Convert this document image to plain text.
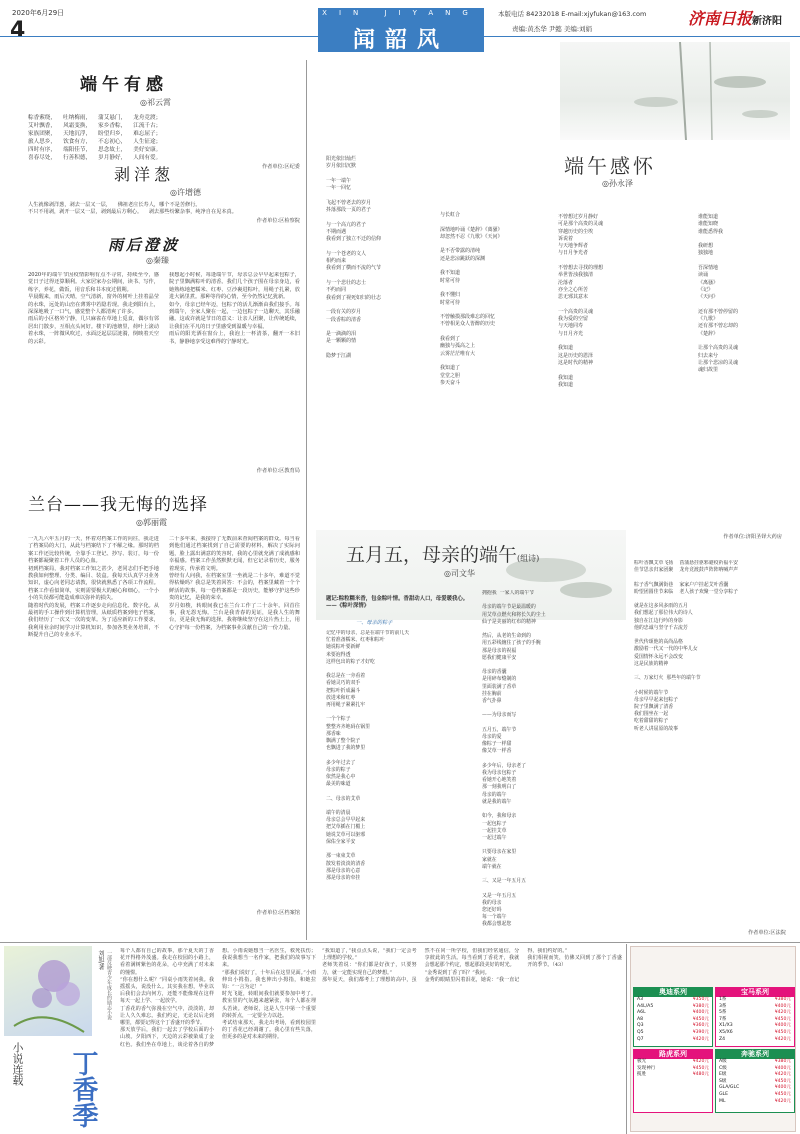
2020年6月29日
4
XIN JIYANG
闻韶风
本版电话 84232018 E-mail:xjyfukan@163.com
责编:黄杰华 尹懿 美编:刘娟
济南日报新济阳
端午有感
◎祁云霄
粽香萦绕，    吐纳梅雨，    蒲艾悬门，    龙舟竞渡；
艾叶飘香，    风霜变换，    家乡香粽，    江流千古；
家族团聚，    天地沉浮，    盼望归乡，    难忘屈子；
旅人思乡，    饮食有方，    不忘初心，    人生征途；
四时有序，    端阳佳节，    思念故土，    美好安康。
喜春尽处，    行善积德，    岁月静好，    人间有爱。
作者单位:区纪委
剥洋葱
◎许增德
人生就像剥洋葱，剥去一层又一层，    佛祖老庄长寿人，哪个不是苦修行。
不只不用剥，剥开一层又一层，剥到最后方剩心。    剥去那些纷繁杂事，纯净自在见本真。
作者单位:区检察院
雨后澄波
◎秦臻
2020年的端午节因疫情影响有点不寻常，持续至今，感觉日子过得还算顺利。大家居家办公期间，读书、写作，练字，养花，做饭，用音乐和书本度过假期。
早晨醒来，雨后天晴，空气清新，窗外的树叶上挂着晶莹的水珠，远处的山峦在薄雾中若隐若现。我走到阳台上，深深地吸了一口气，感觉整个人都清爽了许多。
雨后的小区格外宁静，几只麻雀在草地上觅食，偶尔有邻居出门散步，互相点头问好。楼下的池塘里，荷叶上滚动着水珠，一阵微风吹过，水面泛起层层涟漪，倒映着天空的云彩。
我想起小时候，每逢端午节，母亲总会早早起来包粽子，院子里飘满粽叶的清香。我们几个孩子围在母亲身边，看她熟练地把糯米、红枣、豆沙裹进粽叶，用绳子扎紧，放进大锅里煮。那种等待的心情，至今仍然记忆犹新。
如今，母亲已经年迈，包粽子的活儿渐渐由我们接手。每到端午，全家人聚在一起，一边包粽子一边聊天，其乐融融。这或许就是节日的意义：让亲人团聚，让传统延续，让我们在平凡的日子里感受到温暖与幸福。
雨后的阳光洒在窗台上，我泡上一杯清茶，翻开一本旧书，静静地享受这难得的宁静时光。
作者单位:区教育局
兰台——我无悔的选择
◎郭丽霞
一九九六年五月的一天，怀着对档案工作的向往，我走进了档案局的大门，从此与档案结下了不解之缘。那时的档案工作还比较传统，全靠手工登记、抄写、装订，每一份档案都凝聚着工作人员的心血。
初到档案局，我对档案工作知之甚少，老同志们手把手地教我如何整理、分类、编目、装盒。我每天认真学习业务知识，虚心向老同志请教，很快就熟悉了各项工作流程。档案工作看似简单，实则需要极大的耐心和细心，一个小小的失误都可能造成难以弥补的损失。
随着时代的发展，档案工作逐步走向信息化、数字化。从最初的手工操作到计算机管理，从纸质档案到电子档案，我们经历了一次又一次的变革。为了适应新的工作要求，我利用业余时间学习计算机知识，参加各类业务培训，不断提升自己的专业水平。
二十多年来，我接待了无数前来查阅档案的群众。每当看到他们通过档案找到了自己需要的材料，解决了实际问题，脸上露出满意的笑容时，我的心里就充满了成就感和幸福感。档案工作虽然默默无闻，但它记录着历史，服务着现实，传承着文明。
曾经有人问我，在档案室里一坐就是二十多年，难道不觉得枯燥吗？我总是笑着回答：不会的，档案里藏着一个个鲜活的故事，每一卷档案都是一段历史，能够守护这些珍贵的记忆，是我的荣幸。
岁月如梭，转眼间我已在兰台工作了二十余年。回首往事，我无怨无悔。兰台是我青春的见证，是我人生的舞台，更是我无悔的选择。我将继续坚守在这片热土上，用心守护每一份档案，为档案事业贡献自己的一份力量。
作者单位:区档案馆
端午感怀
◎孙永泽
阳光依旧灿烂
岁月依旧沉默

一年一端午
一年一回忆

飞起不曾老去的岁月
抖落那段一页的君子

与一个高亢的君子
不期而遇
我看到了独立不迁的信仰

与一个苍老的文人
相约而来
我看到了横而不流的气节

与一个悲壮的志士
不约而同
我看到了视死如归的壮志

一段有关的岁月
一段香粽的清香

是一滴滴的泪
是一颗颗的情

隐梦于江湖
与长虹合

深情地吟诵《楚辞》《离骚》
却忽然不忍《九歌》《天问》

是不否带露的清纯
还是悲凉跳跃的深渊

我不知道
时常可待

我不懂归
时常可待

不曾触摸那段难忘的回忆
不曾相见众人皆醉的历史

我看到了
幽独与孤高之上
云雾茫茫唯有大

我知道了
堂堂之胆
参天奋斗
不曾想过岁月静好
可是那个高贵的灵魂
穿越历史的尘埃
诉说着
与天地争辉者
与日月争光者

不曾想去寻找的理想
举世皆浊我独清
沦落者
亦全之心所苦
思无邪其意末

一个高贵的灵魂
我为爱的空留
与天地同寿
与日月齐光

我知道
这是历史的恩泽
这是时代的精神

我知道
我知道
谁能知道
谁能知晓
谁能悉得我

我研想
独独地

吾深情地
读诵
《离骚》
《记》
《天问》

还有那不曾停留的
《九歌》
还有那不曾忘却的
《楚辞》

让那个高贵的灵魂
归去来兮
让那个悲凉的灵魂
魂归故里
作者单位:济阳圣铎大药房
粽叶香飘艾草飞扬    菖蒲悬挂驱邪避疫祈福平安
佳节思亲归家团聚    龙舟竞渡鼓声阵阵呐喊声声

粽子香气飘满街巷    家家户户挂起艾叶香囊
盼望团圆佳节来临    老人孩子欢聚一堂分享粽子

就是在这多风多雨的五月
我们想起了那位伟大的诗人
独自在江边行吟的身影
他的忠诚与坚守千古流芳

世代传颂他的高尚品格
激励着一代又一代的中华儿女
爱国情怀永远不会改变
这是民族的精神

三、万家灯火  那些年的端午节

小时候的端午节
母亲早早起来包粽子
院子里飘满了清香
我们围坐在一起
吃着甜甜的粽子
听老人讲屈原的故事
五月五，母亲的端午(组诗)
◎司文华
题记:粽粒糯米香，包金粽叶情。香甜动人口，母爱暖我心。——《粽叶深情》
一、母亲的粽子
记忆中的母亲，总是在端午节的前几天
忙着准备糯米、红枣和粽叶
她说粽叶要新鲜
米要泡得透
这样包出的粽子才好吃

我总是在一旁看着
看她灵巧的双手
把粽叶折成漏斗
放进米和红枣
再用绳子紧紧扎牢

一个个粽子
整整齐齐地码在锅里
那香味
飘满了整个院子
也飘进了我的梦里

多少年过去了
母亲的粽子
依然是我心中
最美的味道

二、母亲的艾草

端午的清晨
母亲总会早早起来
把艾草插在门楣上
她说艾草可以驱邪
保佑全家平安

那一束束艾草
散发着淡淡的清香
那是母亲的心意
那是母亲的牵挂
拥抱我  一家人的端午节

母亲的端午节是最温暖的
用艾草点燃火和将长久的尘土
仙子是美丽的红布的精神

然后，从老的生命到的
用五彩线缠住了孩子的手腕
那是母亲的祝福
愿我们健康平安

母亲的香囊
是用碎布缝制的
里面装满了香草
挂在胸前
香气扑鼻

——为母亲而写

五月五，端午节
母亲的爱
像粽子一样甜
像艾草一样香

多少年后，母亲老了
我为母亲包粽子
看她开心地笑着
那一刻我明白了
母亲的端午
就是我的端午

如今，我和母亲
一起包粽子
一起挂艾草
一起过端午

只要母亲在家里
家就在
端午就在

三、又是一年五月五

又是一年五月五
我的母亲
您还好吗
每一个端午
我都会想起您
作者单位:区法院
小说连载
刘旭/著 一部反映青少年成长的励志小说
丁香季
每个人都有自己的故事，那个夏天的丁香花开得格外茂盛。我走在校园的小路上，看着满树紫色的花朵，心中充满了对未来的憧憬。
“你在想什么呢？”同桌小雨笑着问我。我摇摇头，说没什么。其实我在想，毕业以后我们会去向何方，还能不能像现在这样每天一起上学、一起放学。
丁香花的香气弥漫在空气中，淡淡的，却让人久久难忘。我们约定，无论以后走到哪里，都要记得这个丁香盛开的季节。
那天放学后，我们一起去了学校后面的小山坡。夕阳西下，天边的云彩被染成了金红色。我们坐在草地上，谈论着各自的梦想。小雨说她想当一名医生，救死扶伤；我说我想当一名作家，把我们的故事写下来。
“那我们说好了，十年后在这里见面。”小雨伸出小拇指。我也伸出小拇指，和她拉钩：“一言为定！”
时光飞逝，转眼间我们就要参加中考了。教室里的气氛越来越紧张，每个人都在埋头苦读。老师说，这是人生中第一个重要的转折点，一定要全力以赴。
考试结束那天，我走出考场，看到校园里的丁香花已经凋谢了。我心里有些失落，但更多的是对未来的期待。
“我知道了，”我点点头说，“我们一定会考上理想的学校。”
老师笑着说：“你们都是好孩子，只要努力，就一定能实现自己的梦想。”
那年夏天，我们都考上了理想的高中，虽然不在同一所学校，但我们经常通信，分享彼此的生活。每当看到丁香花开，我就会想起那个约定，想起那段美好的时光。
“金秀说到丁香了吗？”我问。
金秀的眼睛里闪着泪花，她说：“我一直记得，我们约好的。”
我们相视而笑，仿佛又回到了那个丁香盛开的季节。（43）
奥迪系列
A3	¥350元
A4L/A5	¥380元
A6L	¥400元
A8	¥450元
Q3	¥360元
Q5	¥390元
Q7	¥420元
宝马系列
1系	¥380元
3系	¥400元
5系	¥420元
7系	¥450元
X1/X3	¥400元
X5/X6	¥450元
Z4	¥420元
奔驰系列
A级	¥380元
C级	¥400元
E级	¥420元
S级	¥450元
GLA/GLC	¥400元
GLE	¥450元
ML	¥420元
路虎系列
极光	¥420元
发现神行	¥450元
揽胜	¥480元
